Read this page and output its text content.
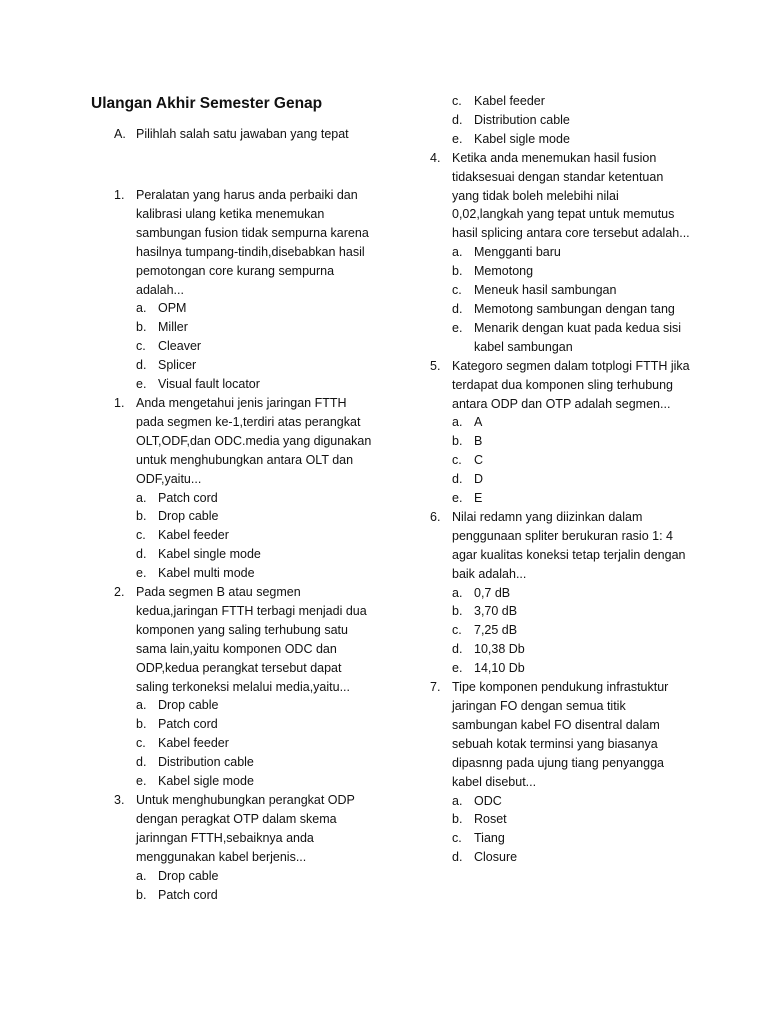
Ulangan Akhir Semester Genap
A. Pilihlah salah satu jawaban yang tepat
1. Peralatan yang harus anda perbaiki dan kalibrasi ulang ketika menemukan sambungan fusion tidak sempurna karena hasilnya tumpang-tindih,disebabkan hasil pemotongan core kurang sempurna adalah...
a. OPM
b. Miller
c. Cleaver
d. Splicer
e. Visual fault locator
1. Anda mengetahui jenis jaringan FTTH pada segmen ke-1,terdiri atas perangkat OLT,ODF,dan ODC.media yang digunakan untuk menghubungkan antara OLT dan ODF,yaitu...
a. Patch cord
b. Drop cable
c. Kabel feeder
d. Kabel single mode
e. Kabel multi mode
2. Pada segmen B atau segmen kedua,jaringan FTTH terbagi menjadi dua komponen yang saling terhubung satu sama lain,yaitu komponen ODC dan ODP,kedua perangkat tersebut dapat saling terkoneksi melalui media,yaitu...
a. Drop cable
b. Patch cord
c. Kabel feeder
d. Distribution cable
e. Kabel sigle mode
3. Untuk menghubungkan perangkat ODP dengan peragkat OTP dalam skema jarinngan FTTH,sebaiknya anda menggunakan kabel berjenis...
a. Drop cable
b. Patch cord
c. Kabel feeder
d. Distribution cable
e. Kabel sigle mode
4. Ketika anda menemukan hasil fusion tidaksesuai dengan standar ketentuan yang tidak boleh melebihi nilai 0,02,langkah yang tepat untuk memutus hasil splicing antara core tersebut adalah...
a. Mengganti baru
b. Memotong
c. Meneuk hasil sambungan
d. Memotong sambungan dengan tang
e. Menarik dengan kuat pada kedua sisi kabel sambungan
5. Kategoro segmen dalam totplogi FTTH jika terdapat dua komponen sling terhubung antara ODP dan OTP adalah segmen...
a. A
b. B
c. C
d. D
e. E
6. Nilai redamn yang diizinkan dalam penggunaan spliter berukuran rasio 1: 4 agar kualitas koneksi tetap terjalin dengan baik adalah...
a. 0,7 dB
b. 3,70 dB
c. 7,25 dB
d. 10,38 Db
e. 14,10 Db
7. Tipe komponen pendukung infrastuktur jaringan FO dengan semua titik sambungan kabel FO disentral dalam sebuah kotak terminsi yang biasanya dipasnng pada ujung tiang penyangga kabel disebut...
a. ODC
b. Roset
c. Tiang
d. Closure
